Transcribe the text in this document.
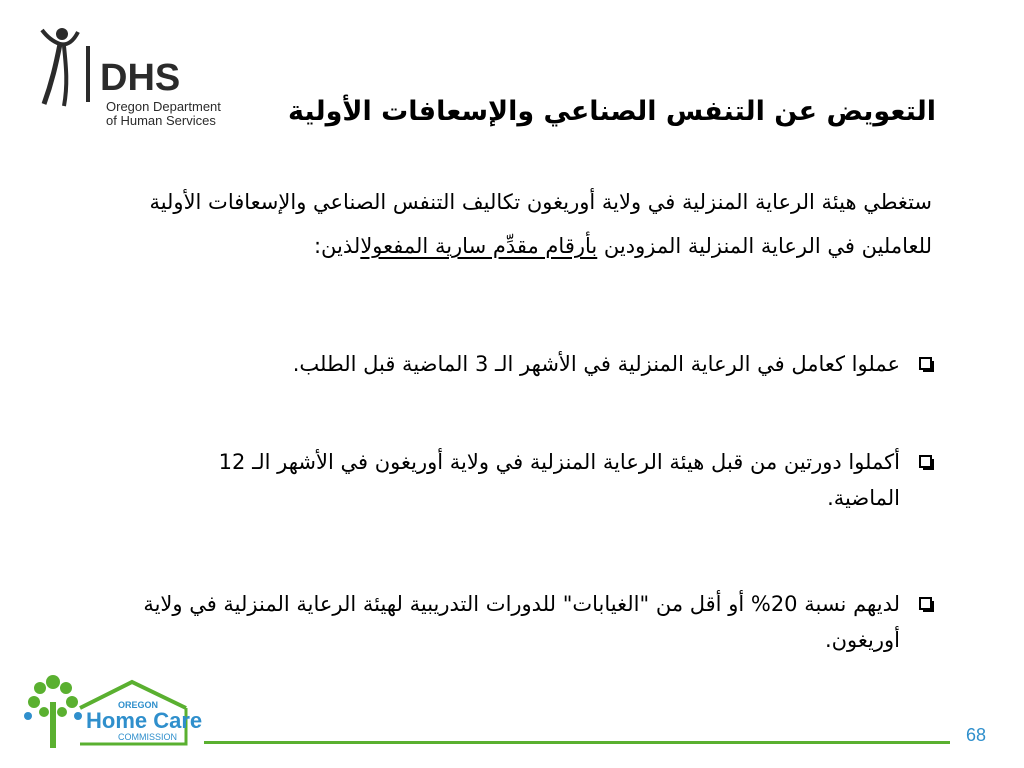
DHS
Oregon Department
of Human Services	التعويض عن التنفس الصناعي والإسعافات الأولية
ستغطي هيئة الرعاية المنزلية في ولاية أوريغون تكاليف التنفس الصناعي والإسعافات الأولية للعاملين في الرعاية المنزلية المزودين بأرقام مقدِّم سارية المفعولالذين:
عملوا كعامل في الرعاية المنزلية في الأشهر الـ 3 الماضية قبل الطلب.
أكملوا دورتين من قبل هيئة الرعاية المنزلية في ولاية أوريغون في الأشهر الـ 12 الماضية.
لديهم نسبة 20% أو أقل من "الغيابات" للدورات التدريبية لهيئة الرعاية المنزلية في ولاية أوريغون.
OREGON
Home Care
COMMISSION	68
